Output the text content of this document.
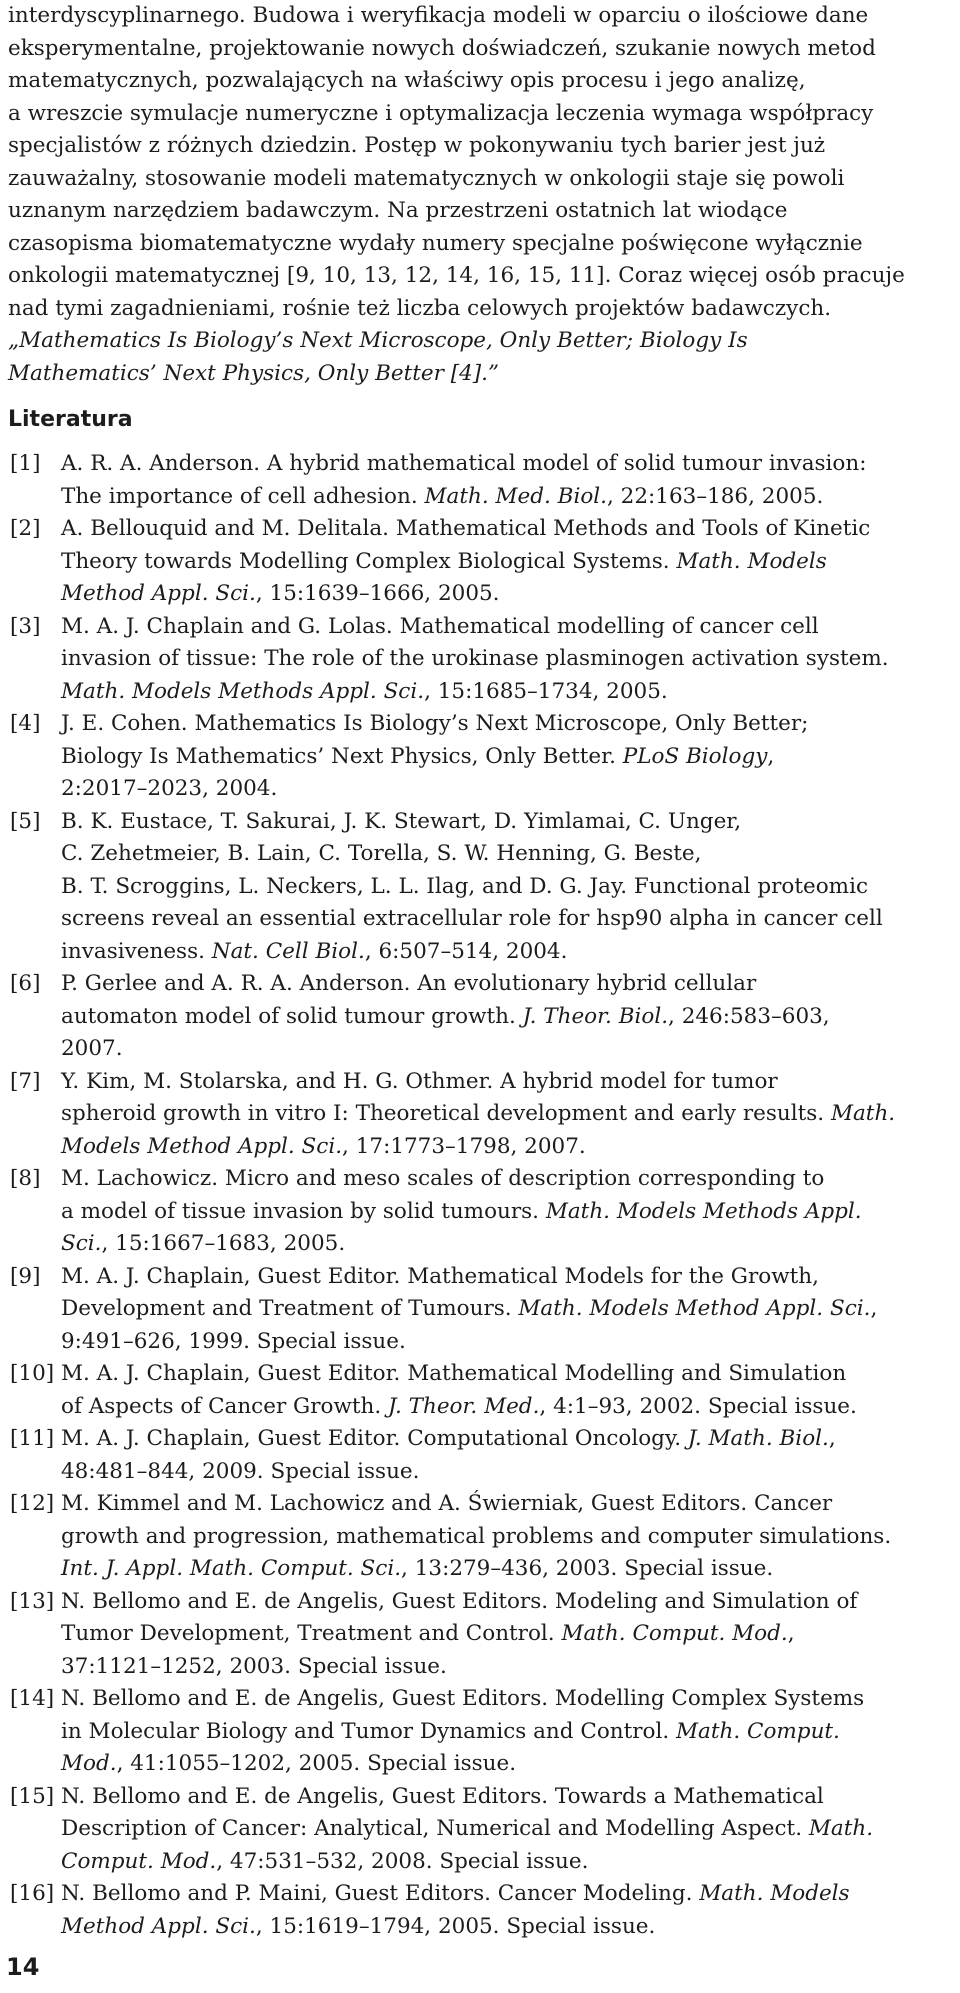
interdyscyplinarnego. Budowa i weryfikacja modeli w oparciu o ilościowe dane
eksperymentalne, projektowanie nowych doświadczeń, szukanie nowych metod
matematycznych, pozwalających na właściwy opis procesu i jego analizę,
a wreszcie symulacje numeryczne i optymalizacja leczenia wymaga współpracy
specjalistów z różnych dziedzin. Postęp w pokonywaniu tych barier jest już
zauważalny, stosowanie modeli matematycznych w onkologii staje się powoli
uznanym narzędziem badawczym. Na przestrzeni ostatnich lat wiodące
czasopisma biomatematyczne wydały numery specjalne poświęcone wyłącznie
onkologii matematycznej [9, 10, 13, 12, 14, 16, 15, 11]. Coraz więcej osób pracuje
nad tymi zagadnieniami, rośnie też liczba celowych projektów badawczych.
„Mathematics Is Biology’s Next Microscope, Only Better; Biology Is
Mathematics’ Next Physics, Only Better [4].”
Literatura
[1] A. R. A. Anderson. A hybrid mathematical model of solid tumour invasion:
The importance of cell adhesion. Math. Med. Biol., 22:163–186, 2005.
[2] A. Bellouquid and M. Delitala. Mathematical Methods and Tools of Kinetic
Theory towards Modelling Complex Biological Systems. Math. Models
Method Appl. Sci., 15:1639–1666, 2005.
[3] M. A. J. Chaplain and G. Lolas. Mathematical modelling of cancer cell
invasion of tissue: The role of the urokinase plasminogen activation system.
Math. Models Methods Appl. Sci., 15:1685–1734, 2005.
[4] J. E. Cohen. Mathematics Is Biology’s Next Microscope, Only Better;
Biology Is Mathematics’ Next Physics, Only Better. PLoS Biology,
2:2017–2023, 2004.
[5] B. K. Eustace, T. Sakurai, J. K. Stewart, D. Yimlamai, C. Unger,
C. Zehetmeier, B. Lain, C. Torella, S. W. Henning, G. Beste,
B. T. Scroggins, L. Neckers, L. L. Ilag, and D. G. Jay. Functional proteomic
screens reveal an essential extracellular role for hsp90 alpha in cancer cell
invasiveness. Nat. Cell Biol., 6:507–514, 2004.
[6] P. Gerlee and A. R. A. Anderson. An evolutionary hybrid cellular
automaton model of solid tumour growth. J. Theor. Biol., 246:583–603,
2007.
[7] Y. Kim, M. Stolarska, and H. G. Othmer. A hybrid model for tumor
spheroid growth in vitro I: Theoretical development and early results. Math.
Models Method Appl. Sci., 17:1773–1798, 2007.
[8] M. Lachowicz. Micro and meso scales of description corresponding to
a model of tissue invasion by solid tumours. Math. Models Methods Appl.
Sci., 15:1667–1683, 2005.
[9] M. A. J. Chaplain, Guest Editor. Mathematical Models for the Growth,
Development and Treatment of Tumours. Math. Models Method Appl. Sci.,
9:491–626, 1999. Special issue.
[10] M. A. J. Chaplain, Guest Editor. Mathematical Modelling and Simulation
of Aspects of Cancer Growth. J. Theor. Med., 4:1–93, 2002. Special issue.
[11] M. A. J. Chaplain, Guest Editor. Computational Oncology. J. Math. Biol.,
48:481–844, 2009. Special issue.
[12] M. Kimmel and M. Lachowicz and A. Świerniak, Guest Editors. Cancer
growth and progression, mathematical problems and computer simulations.
Int. J. Appl. Math. Comput. Sci., 13:279–436, 2003. Special issue.
[13] N. Bellomo and E. de Angelis, Guest Editors. Modeling and Simulation of
Tumor Development, Treatment and Control. Math. Comput. Mod.,
37:1121–1252, 2003. Special issue.
[14] N. Bellomo and E. de Angelis, Guest Editors. Modelling Complex Systems
in Molecular Biology and Tumor Dynamics and Control. Math. Comput.
Mod., 41:1055–1202, 2005. Special issue.
[15] N. Bellomo and E. de Angelis, Guest Editors. Towards a Mathematical
Description of Cancer: Analytical, Numerical and Modelling Aspect. Math.
Comput. Mod., 47:531–532, 2008. Special issue.
[16] N. Bellomo and P. Maini, Guest Editors. Cancer Modeling. Math. Models
Method Appl. Sci., 15:1619–1794, 2005. Special issue.
14
